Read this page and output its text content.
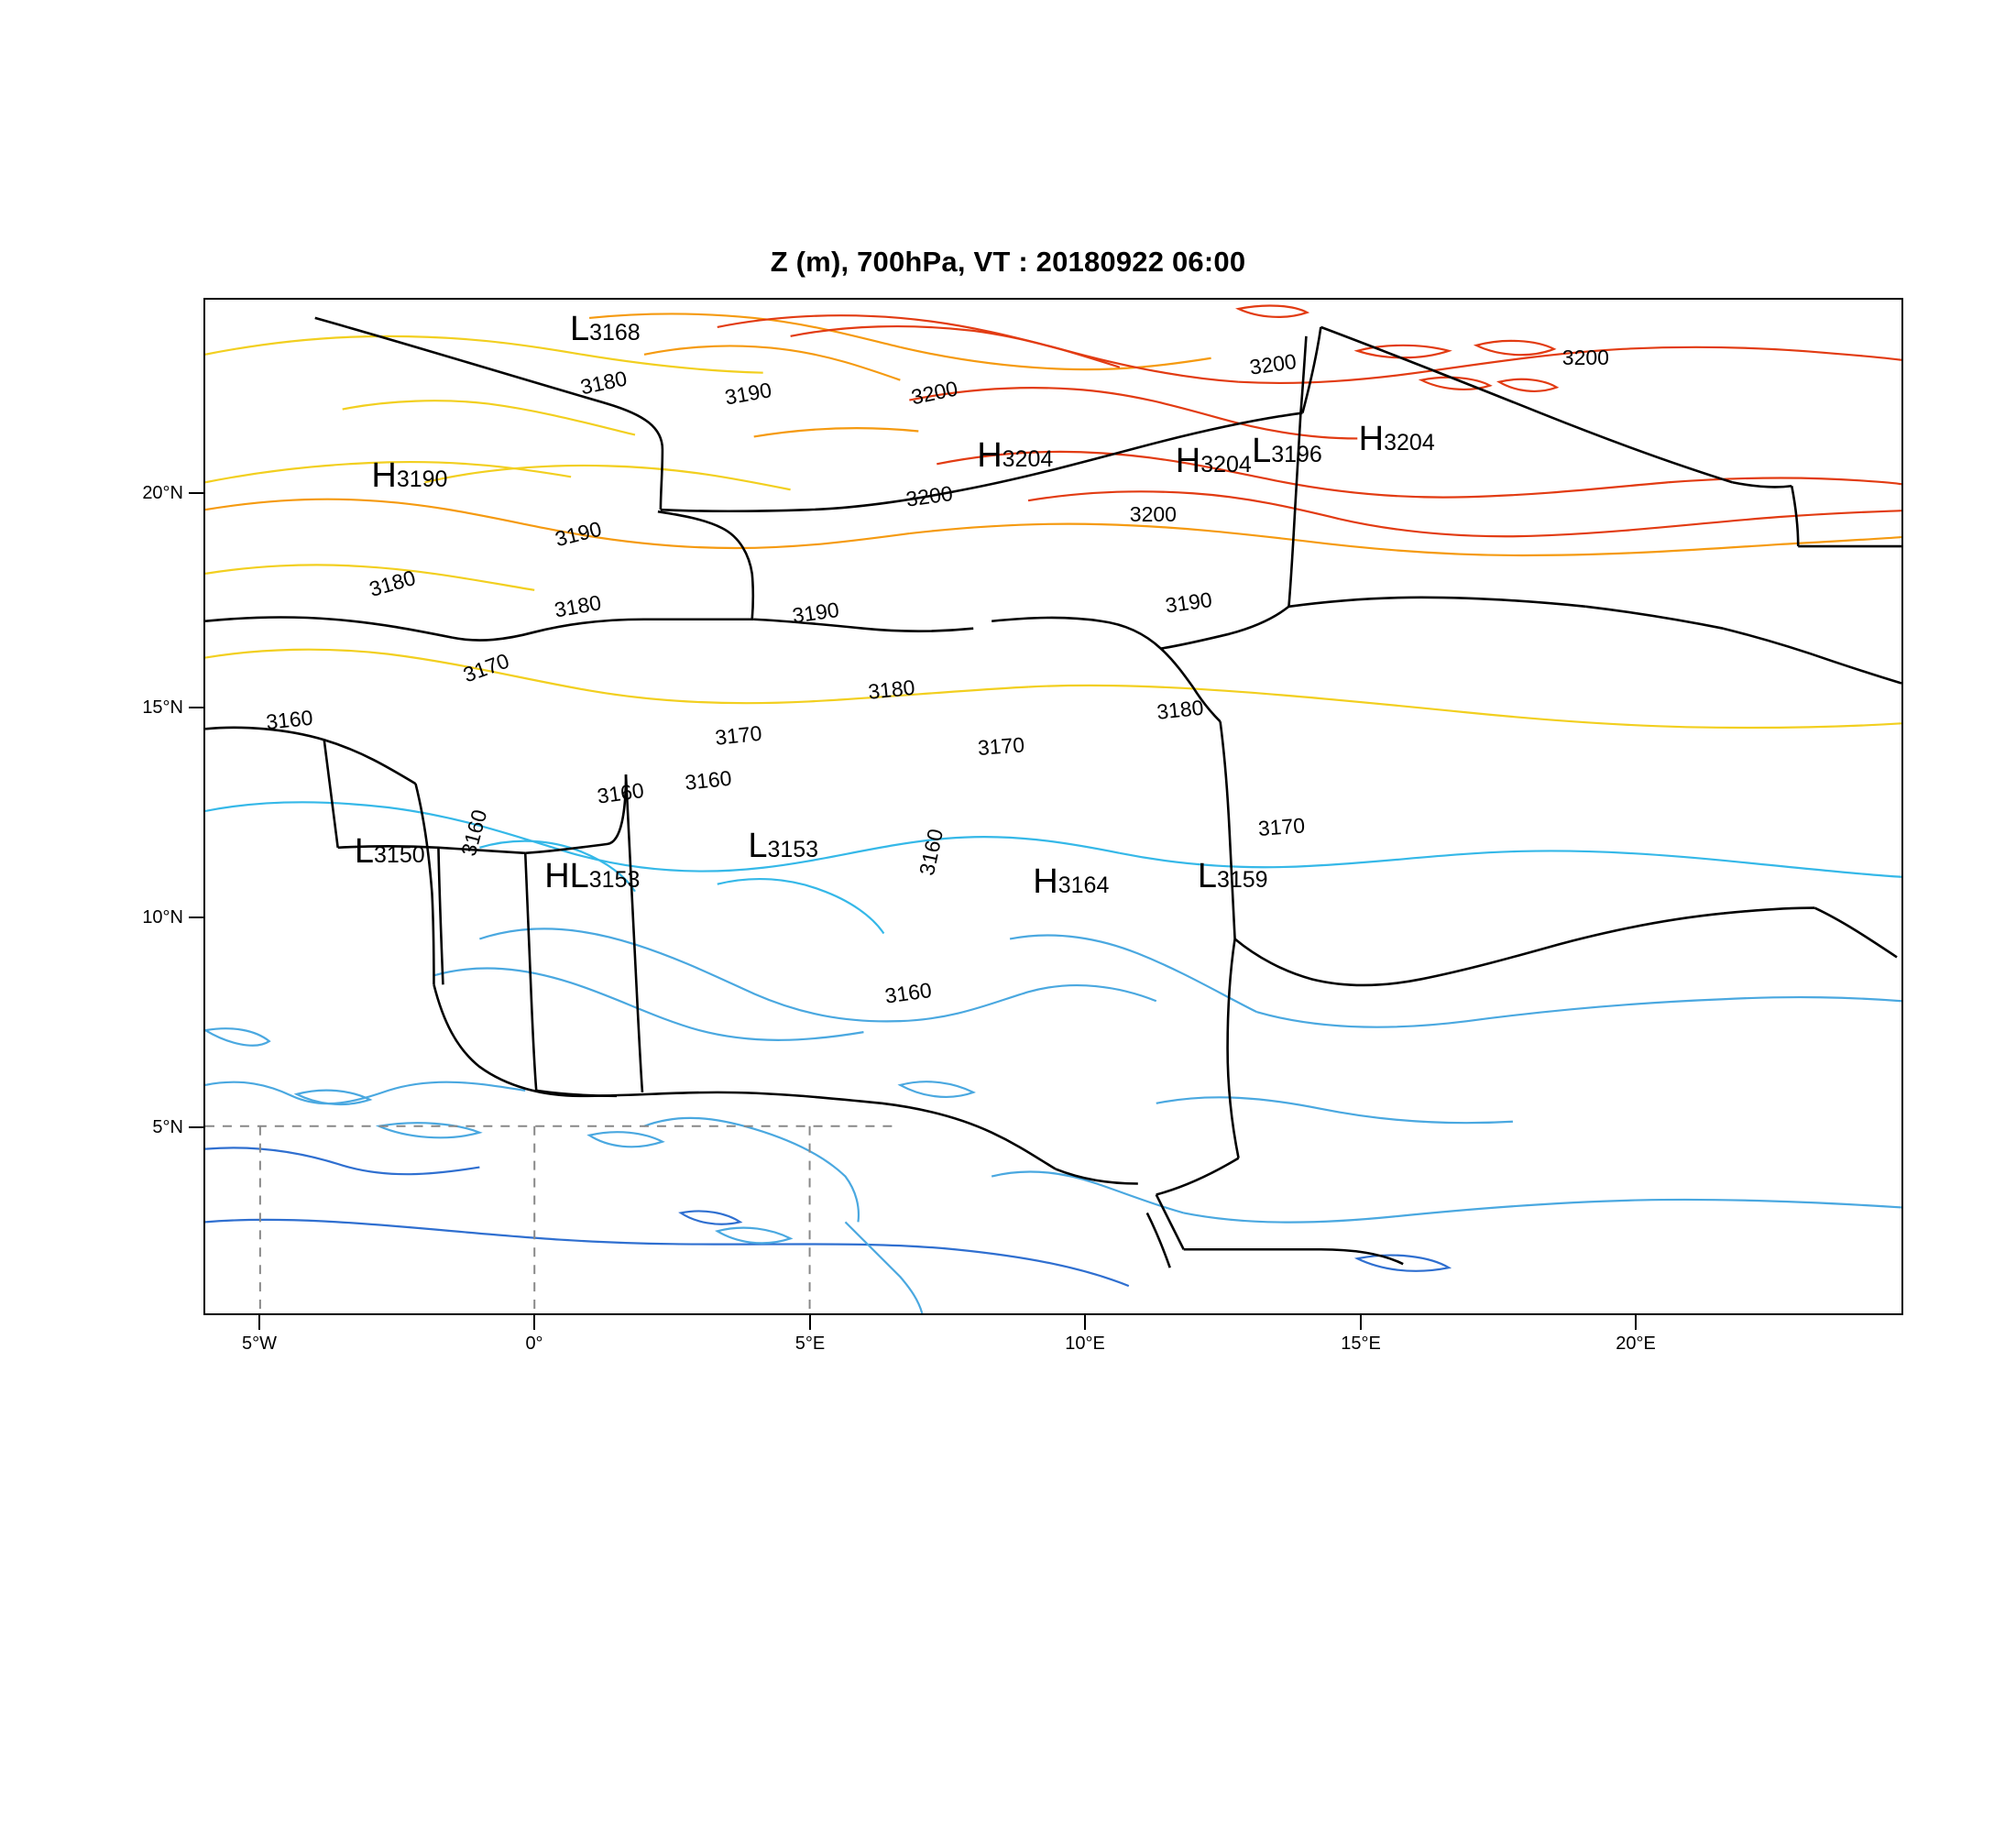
Z (m), 700hPa, VT : 20180922 06:00
20°N
15°N
10°N
5°N
5°W	0°	5°E	10°E	15°E	20°E
3180	3190	3200
3200	3200
3200
3200
3190
3180
3180	3190	3190
3170
3180
3180
3160
3170	3170
3160 3160
3170
3160	3160
3160
L3168
H3190
H3204	H3204 L3196 H3204
L3150	L3153
HL3153	H3164	L3159
